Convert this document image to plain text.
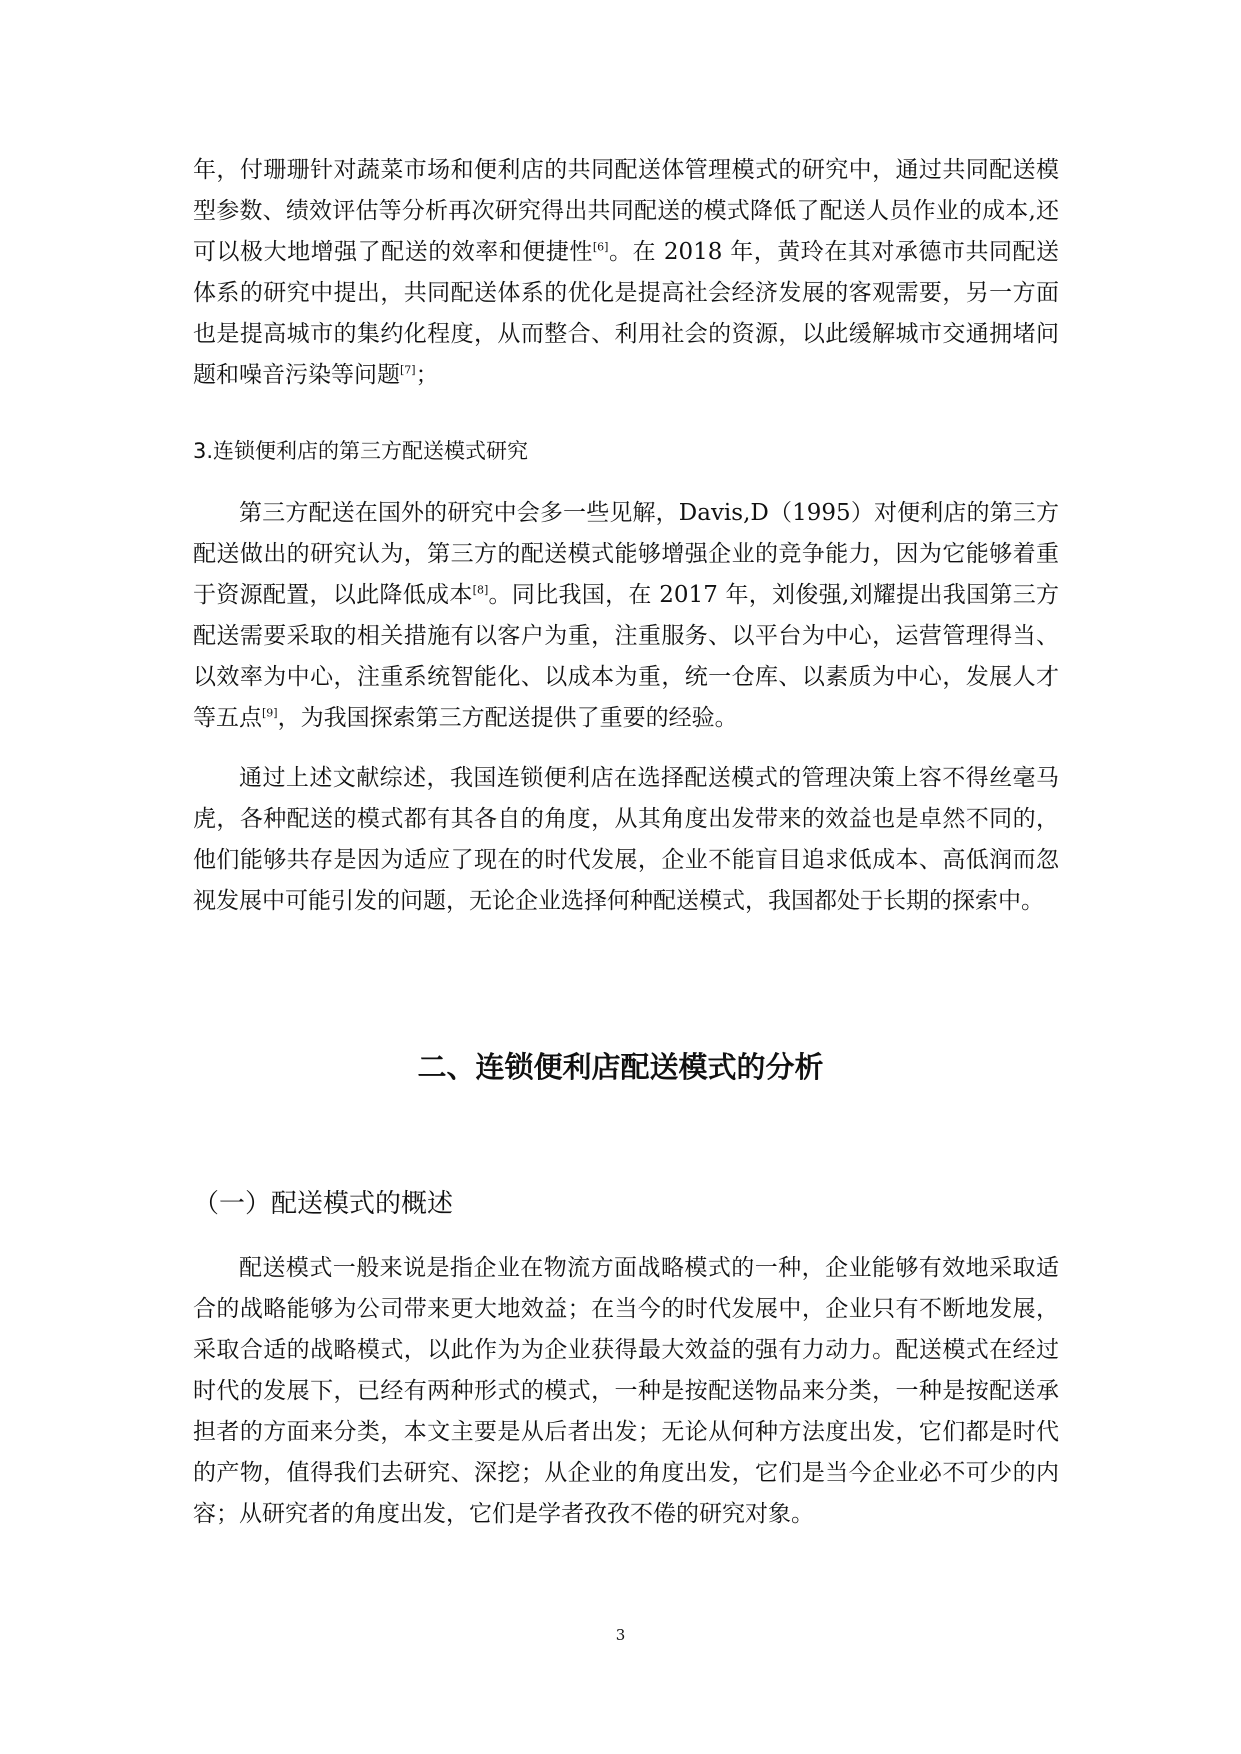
年，付珊珊针对蔬菜市场和便利店的共同配送体管理模式的研究中，通过共同配送模型参数、绩效评估等分析再次研究得出共同配送的模式降低了配送人员作业的成本,还可以极大地增强了配送的效率和便捷性[6]。在 2018 年，黄玲在其对承德市共同配送体系的研究中提出，共同配送体系的优化是提高社会经济发展的客观需要，另一方面也是提高城市的集约化程度，从而整合、利用社会的资源，以此缓解城市交通拥堵问题和噪音污染等问题[7]；

3.连锁便利店的第三方配送模式研究

第三方配送在国外的研究中会多一些见解，Davis,D（1995）对便利店的第三方配送做出的研究认为，第三方的配送模式能够增强企业的竞争能力，因为它能够着重于资源配置，以此降低成本[8]。同比我国，在 2017 年，刘俊强,刘耀提出我国第三方配送需要采取的相关措施有以客户为重，注重服务、以平台为中心，运营管理得当、以效率为中心，注重系统智能化、以成本为重，统一仓库、以素质为中心，发展人才等五点[9]，为我国探索第三方配送提供了重要的经验。

通过上述文献综述，我国连锁便利店在选择配送模式的管理决策上容不得丝毫马虎，各种配送的模式都有其各自的角度，从其角度出发带来的效益也是卓然不同的，他们能够共存是因为适应了现在的时代发展，企业不能盲目追求低成本、高低润而忽视发展中可能引发的问题，无论企业选择何种配送模式，我国都处于长期的探索中。

二、连锁便利店配送模式的分析
（一）配送模式的概述

配送模式一般来说是指企业在物流方面战略模式的一种，企业能够有效地采取适合的战略能够为公司带来更大地效益；在当今的时代发展中，企业只有不断地发展，采取合适的战略模式，以此作为为企业获得最大效益的强有力动力。配送模式在经过时代的发展下，已经有两种形式的模式，一种是按配送物品来分类，一种是按配送承担者的方面来分类，本文主要是从后者出发；无论从何种方法度出发，它们都是时代的产物，值得我们去研究、深挖；从企业的角度出发，它们是当今企业必不可少的内容；从研究者的角度出发，它们是学者孜孜不倦的研究对象。

3
